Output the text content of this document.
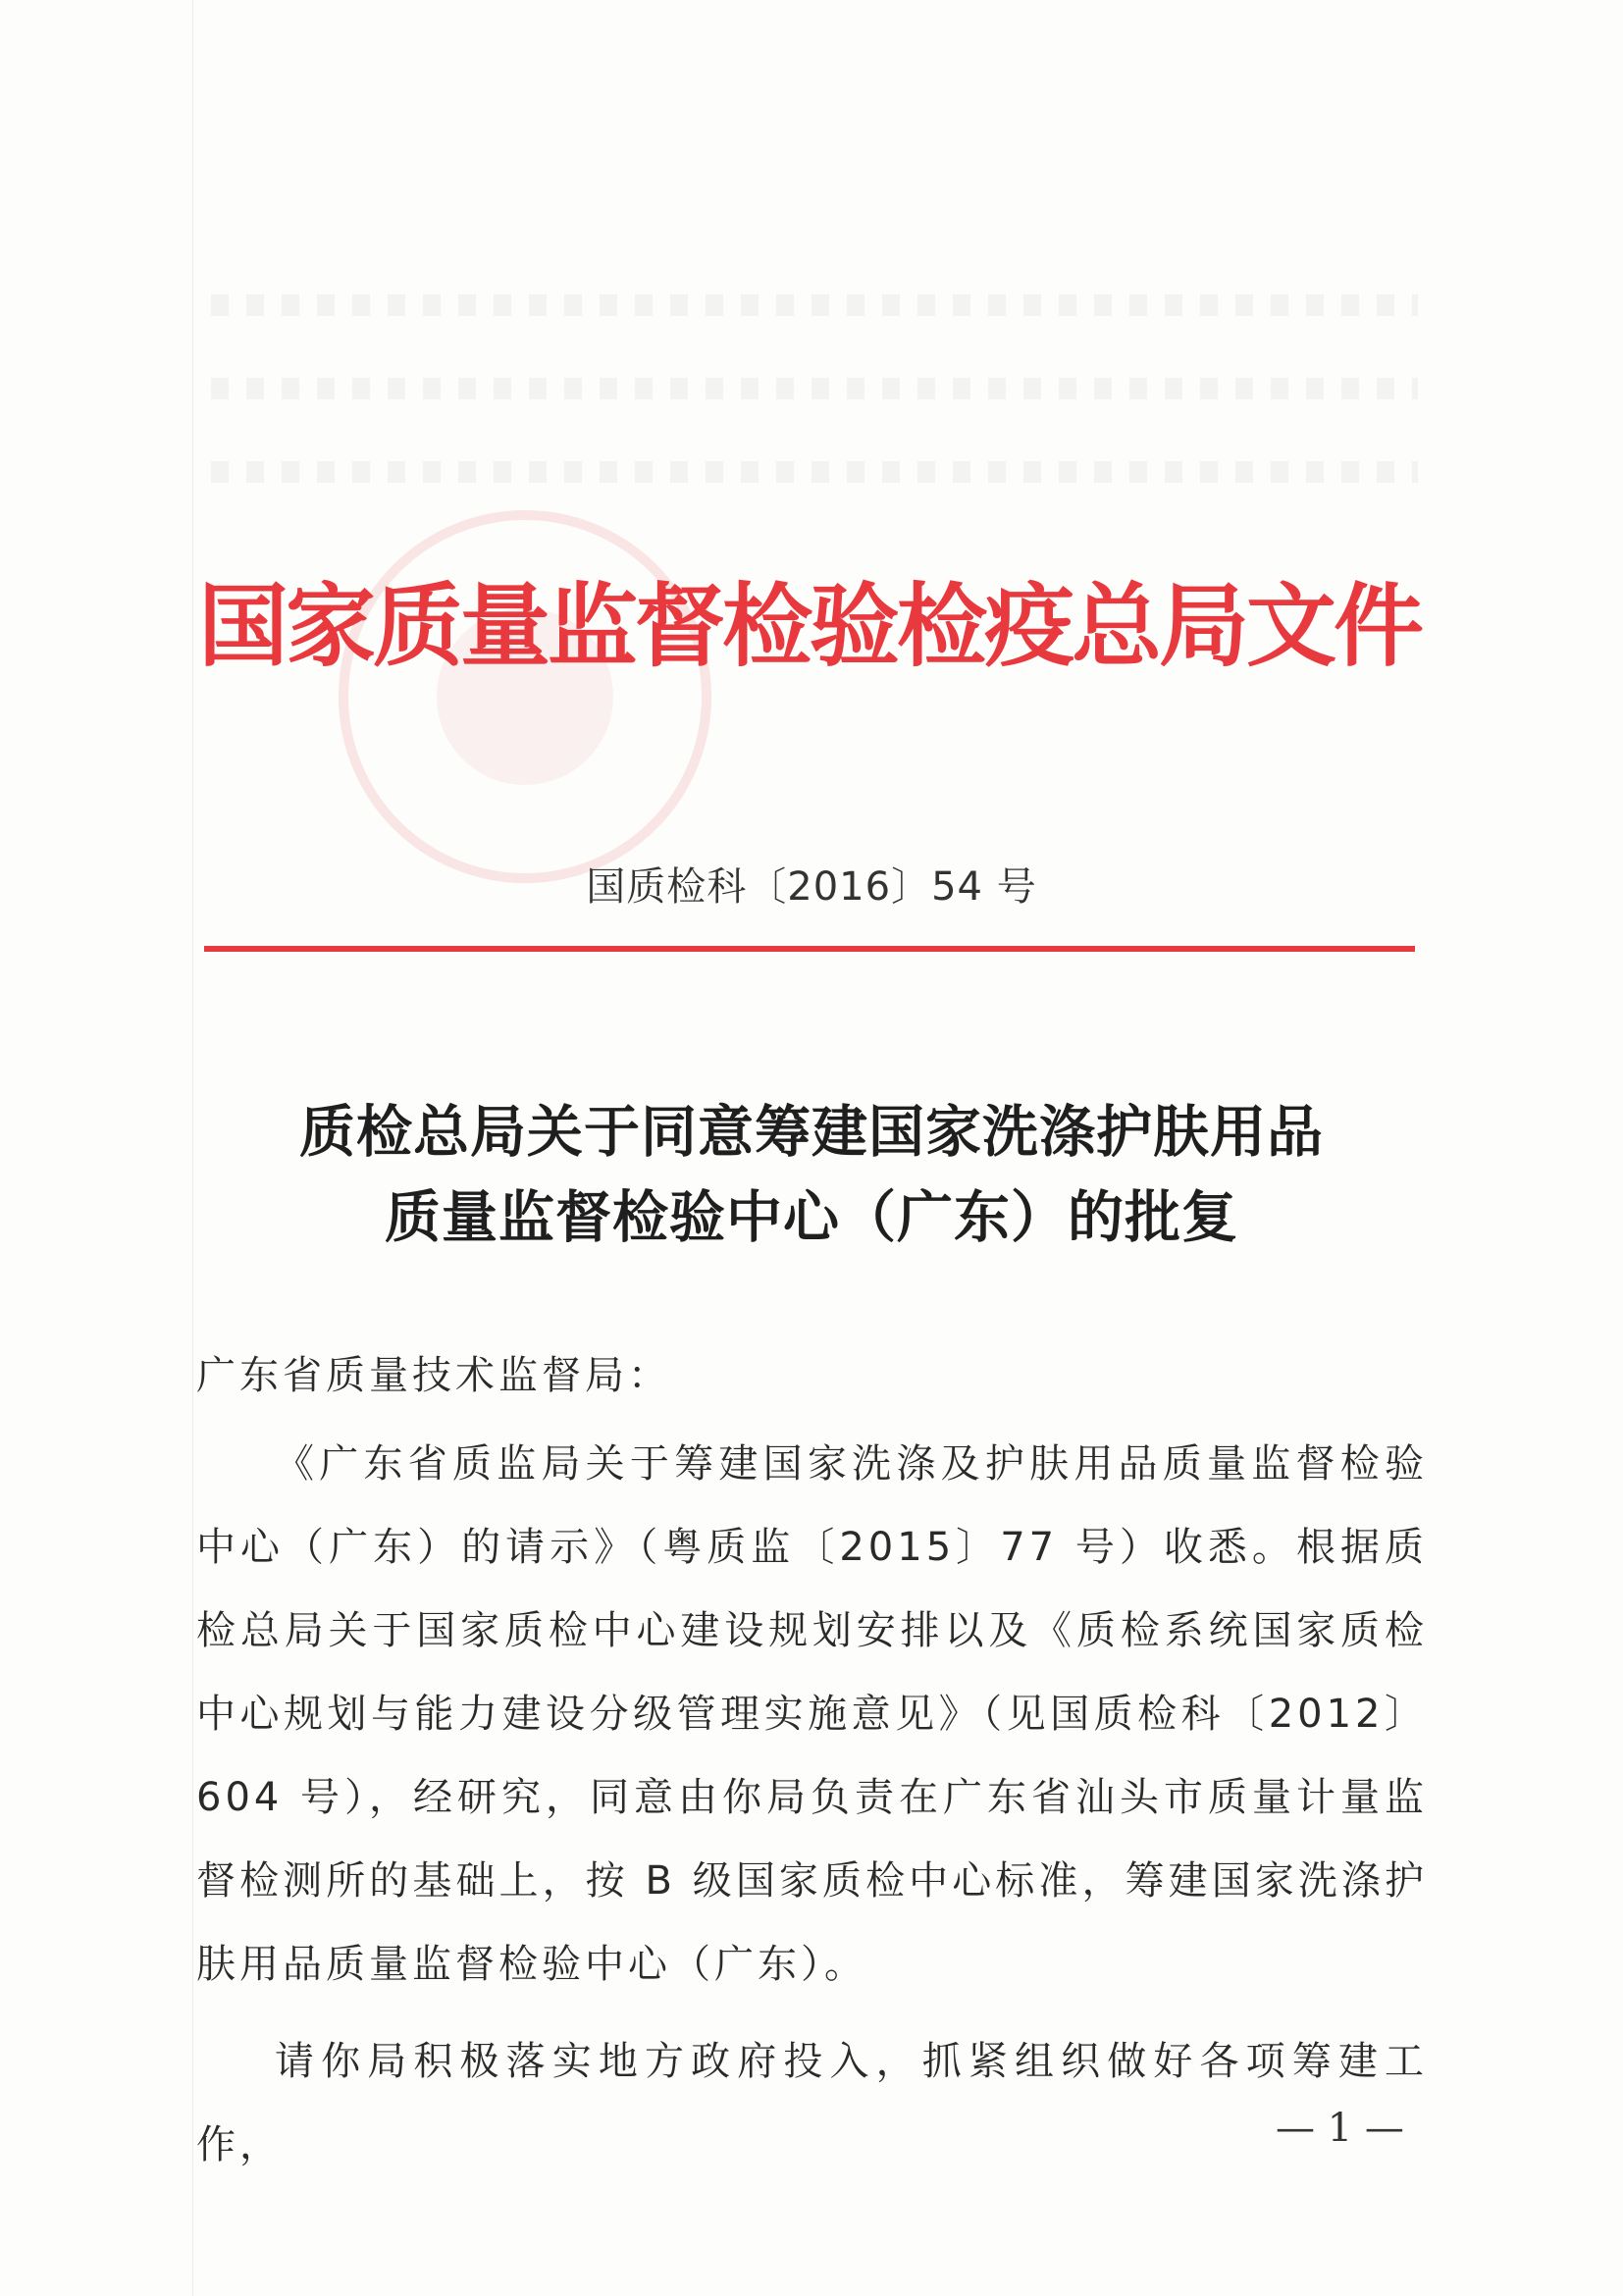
国家质量监督检验检疫总局文件
国质检科〔2016〕54 号
质检总局关于同意筹建国家洗涤护肤用品
质量监督检验中心（广东）的批复
广东省质量技术监督局：

《广东省质监局关于筹建国家洗涤及护肤用品质量监督检验中心（广东）的请示》（粤质监〔2015〕77 号）收悉。根据质检总局关于国家质检中心建设规划安排以及《质检系统国家质检中心规划与能力建设分级管理实施意见》（见国质检科〔2012〕604 号），经研究，同意由你局负责在广东省汕头市质量计量监督检测所的基础上，按 B 级国家质检中心标准，筹建国家洗涤护肤用品质量监督检验中心（广东）。

请你局积极落实地方政府投入，抓紧组织做好各项筹建工作，	— 1 —
